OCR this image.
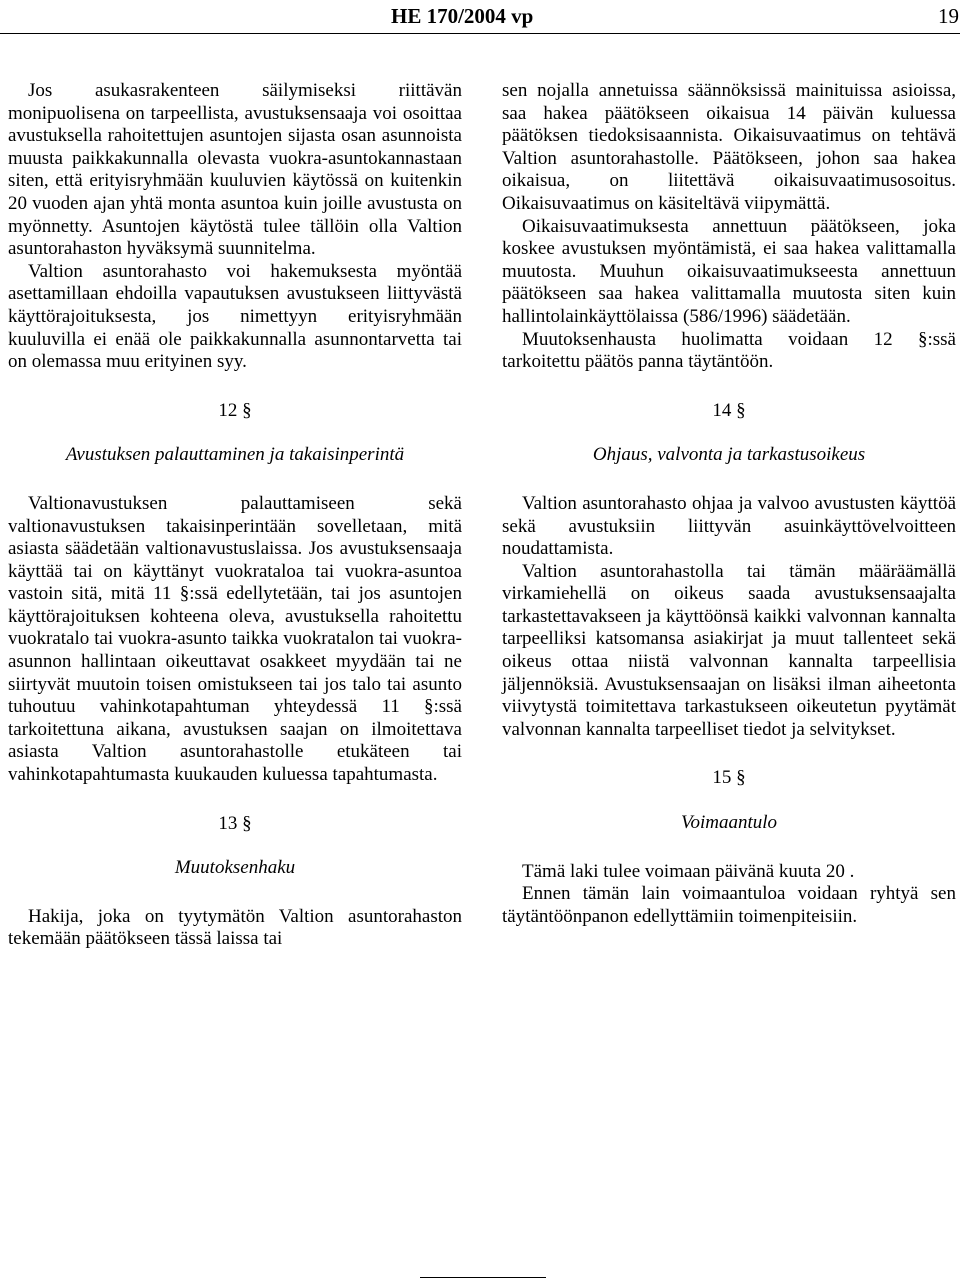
HE 170/2004 vp	19

Jos asukasrakenteen säilymiseksi riittävän monipuolisena on tarpeellista, avustuksensaaja voi osoittaa avustuksella rahoitettujen asuntojen sijasta osan asunnoista muusta paikkakunnalla olevasta vuokra-asuntokannastaan siten, että erityisryhmään kuuluvien käytössä on kuitenkin 20 vuoden ajan yhtä monta asuntoa kuin joille avustusta on myönnetty. Asuntojen käytöstä tulee tällöin olla Valtion asuntorahaston hyväksymä suunnitelma.

Valtion asuntorahasto voi hakemuksesta myöntää asettamillaan ehdoilla vapautuksen avustukseen liittyvästä käyttörajoituksesta, jos nimettyyn erityisryhmään kuuluvilla ei enää ole paikkakunnalla asunnontarvetta tai on olemassa muu erityinen syy.

12 §
Avustuksen palauttaminen ja takaisinperintä

Valtionavustuksen palauttamiseen sekä valtionavustuksen takaisinperintään sovelletaan, mitä asiasta säädetään valtionavustuslaissa. Jos avustuksensaaja käyttää tai on käyttänyt vuokrataloa tai vuokra-asuntoa vastoin sitä, mitä 11 §:ssä edellytetään, tai jos asuntojen käyttörajoituksen kohteena oleva, avustuksella rahoitettu vuokratalo tai vuokra-asunto taikka vuokratalon tai vuokra-asunnon hallintaan oikeuttavat osakkeet myydään tai ne siirtyvät muutoin toisen omistukseen tai jos talo tai asunto tuhoutuu vahinkotapahtuman yhteydessä 11 §:ssä tarkoitettuna aikana, avustuksen saajan on ilmoitettava asiasta Valtion asuntorahastolle etukäteen tai vahinkotapahtumasta kuukauden kuluessa tapahtumasta.

13 §
Muutoksenhaku

Hakija, joka on tyytymätön Valtion asuntorahaston tekemään päätökseen tässä laissa tai

sen nojalla annetuissa säännöksissä mainituissa asioissa, saa hakea päätökseen oikaisua 14 päivän kuluessa päätöksen tiedoksisaannista. Oikaisuvaatimus on tehtävä Valtion asuntorahastolle. Päätökseen, johon saa hakea oikaisua, on liitettävä oikaisuvaatimusosoitus. Oikaisuvaatimus on käsiteltävä viipymättä.

Oikaisuvaatimuksesta annettuun päätökseen, joka koskee avustuksen myöntämistä, ei saa hakea valittamalla muutosta. Muuhun oikaisuvaatimukseesta annettuun päätökseen saa hakea valittamalla muutosta siten kuin hallintolainkäyttölaissa (586/1996) säädetään.

Muutoksenhausta huolimatta voidaan 12 §:ssä tarkoitettu päätös panna täytäntöön.

14 §
Ohjaus, valvonta ja tarkastusoikeus

Valtion asuntorahasto ohjaa ja valvoo avustusten käyttöä sekä avustuksiin liittyvän asuinkäyttövelvoitteen noudattamista.

Valtion asuntorahastolla tai tämän määräämällä virkamiehellä on oikeus saada avustuksensaajalta tarkastettavakseen ja käyttöönsä kaikki valvonnan kannalta tarpeelliksi katsomansa asiakirjat ja muut tallenteet sekä oikeus ottaa niistä valvonnan kannalta tarpeellisia jäljennöksiä. Avustuksensaajan on lisäksi ilman aiheetonta viivytystä toimitettava tarkastukseen oikeutetun pyytämät valvonnan kannalta tarpeelliset tiedot ja selvitykset.

15 §
Voimaantulo

Tämä laki tulee voimaan päivänä kuuta 20 .

Ennen tämän lain voimaantuloa voidaan ryhtyä sen täytäntöönpanon edellyttämiin toimenpiteisiin.
